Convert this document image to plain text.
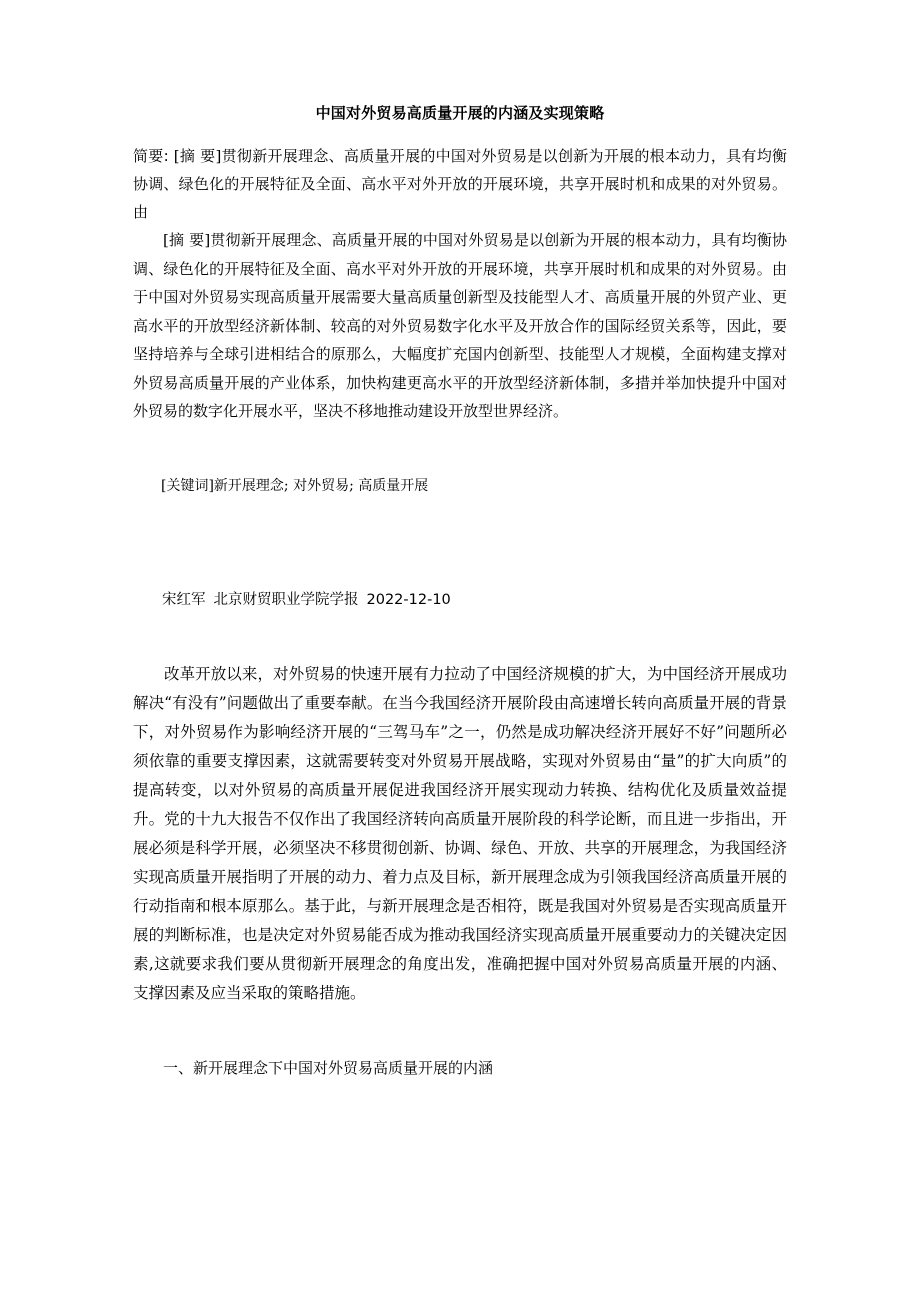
中国对外贸易高质量开展的内涵及实现策略

简要: [摘 要]贯彻新开展理念、高质量开展的中国对外贸易是以创新为开展的根本动力，具有均衡协调、绿色化的开展特征及全面、高水平对外开放的开展环境，共享开展时机和成果的对外贸易。由

[摘 要]贯彻新开展理念、高质量开展的中国对外贸易是以创新为开展的根本动力，具有均衡协调、绿色化的开展特征及全面、高水平对外开放的开展环境，共享开展时机和成果的对外贸易。由于中国对外贸易实现高质量开展需要大量高质量创新型及技能型人才、高质量开展的外贸产业、更高水平的开放型经济新体制、较高的对外贸易数字化水平及开放合作的国际经贸关系等，因此，要坚持培养与全球引进相结合的原那么，大幅度扩充国内创新型、技能型人才规模，全面构建支撑对外贸易高质量开展的产业体系，加快构建更高水平的开放型经济新体制，多措并举加快提升中国对外贸易的数字化开展水平，坚决不移地推动建设开放型世界经济。

[关键词]新开展理念; 对外贸易; 高质量开展

宋红军 北京财贸职业学院学报 2022-12-10

改革开放以来，对外贸易的快速开展有力拉动了中国经济规模的扩大，为中国经济开展成功解决“有没有”问题做出了重要奉献。在当今我国经济开展阶段由高速增长转向高质量开展的背景下，对外贸易作为影响经济开展的“三驾马车”之一，仍然是成功解决经济开展好不好”问题所必须依靠的重要支撑因素，这就需要转变对外贸易开展战略，实现对外贸易由“量”的扩大向质”的提高转变，以对外贸易的高质量开展促进我国经济开展实现动力转换、结构优化及质量效益提升。党的十九大报告不仅作出了我国经济转向高质量开展阶段的科学论断，而且进一步指出，开展必须是科学开展，必须坚决不移贯彻创新、协调、绿色、开放、共享的开展理念，为我国经济实现高质量开展指明了开展的动力、着力点及目标，新开展理念成为引领我国经济高质量开展的行动指南和根本原那么。基于此，与新开展理念是否相符，既是我国对外贸易是否实现高质量开展的判断标准，也是决定对外贸易能否成为推动我国经济实现高质量开展重要动力的关键决定因素,这就要求我们要从贯彻新开展理念的角度出发，准确把握中国对外贸易高质量开展的内涵、支撑因素及应当采取的策略措施。

一、新开展理念下中国对外贸易高质量开展的内涵
